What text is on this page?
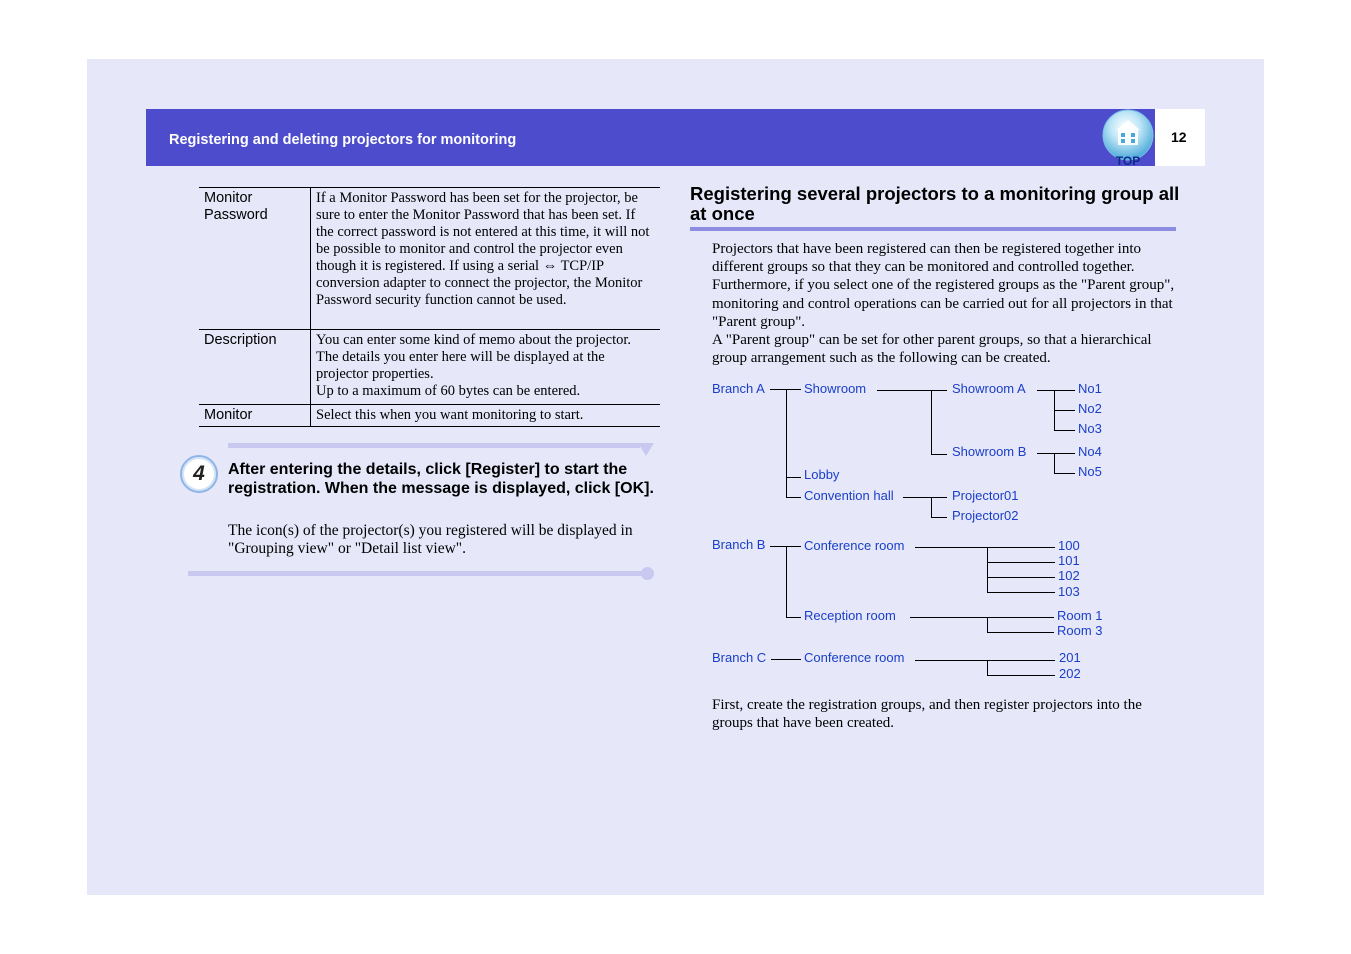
Registering and deleting projectors for monitoring	12
TOP
Monitor Password	If a Monitor Password has been set for the projector, be sure to enter the Monitor Password that has been set. If the correct password is not entered at this time, it will not be possible to monitor and control the projector even though it is registered. If using a serial ⇔ TCP/IP conversion adapter to connect the projector, the Monitor Password security function cannot be used.
Description	You can enter some kind of memo about the projector. The details you enter here will be displayed at the projector properties.
Up to a maximum of 60 bytes can be entered.

Monitor	Select this when you want monitoring to start.
4	After entering the details, click [Register] to start the registration. When the message is displayed, click [OK].
The icon(s) of the projector(s) you registered will be displayed in "Grouping view" or "Detail list view".
Registering several projectors to a monitoring group all at once
Projectors that have been registered can then be registered together into different groups so that they can be monitored and controlled together. Furthermore, if you select one of the registered groups as the "Parent group", monitoring and control operations can be carried out for all projectors in that "Parent group".
A "Parent group" can be set for other parent groups, so that a hierarchical group arrangement such as the following can be created.
First, create the registration groups, and then register projectors into the groups that have been created.
Branch A	Showroom	Showroom A	No1
No2
No3
Showroom B	No4
No5
Lobby
Convention hall	Projector01
Projector02
Branch B	Conference room	100
101
102
103
Reception room	Room 1
Room 3
Branch C	Conference room	201
202
